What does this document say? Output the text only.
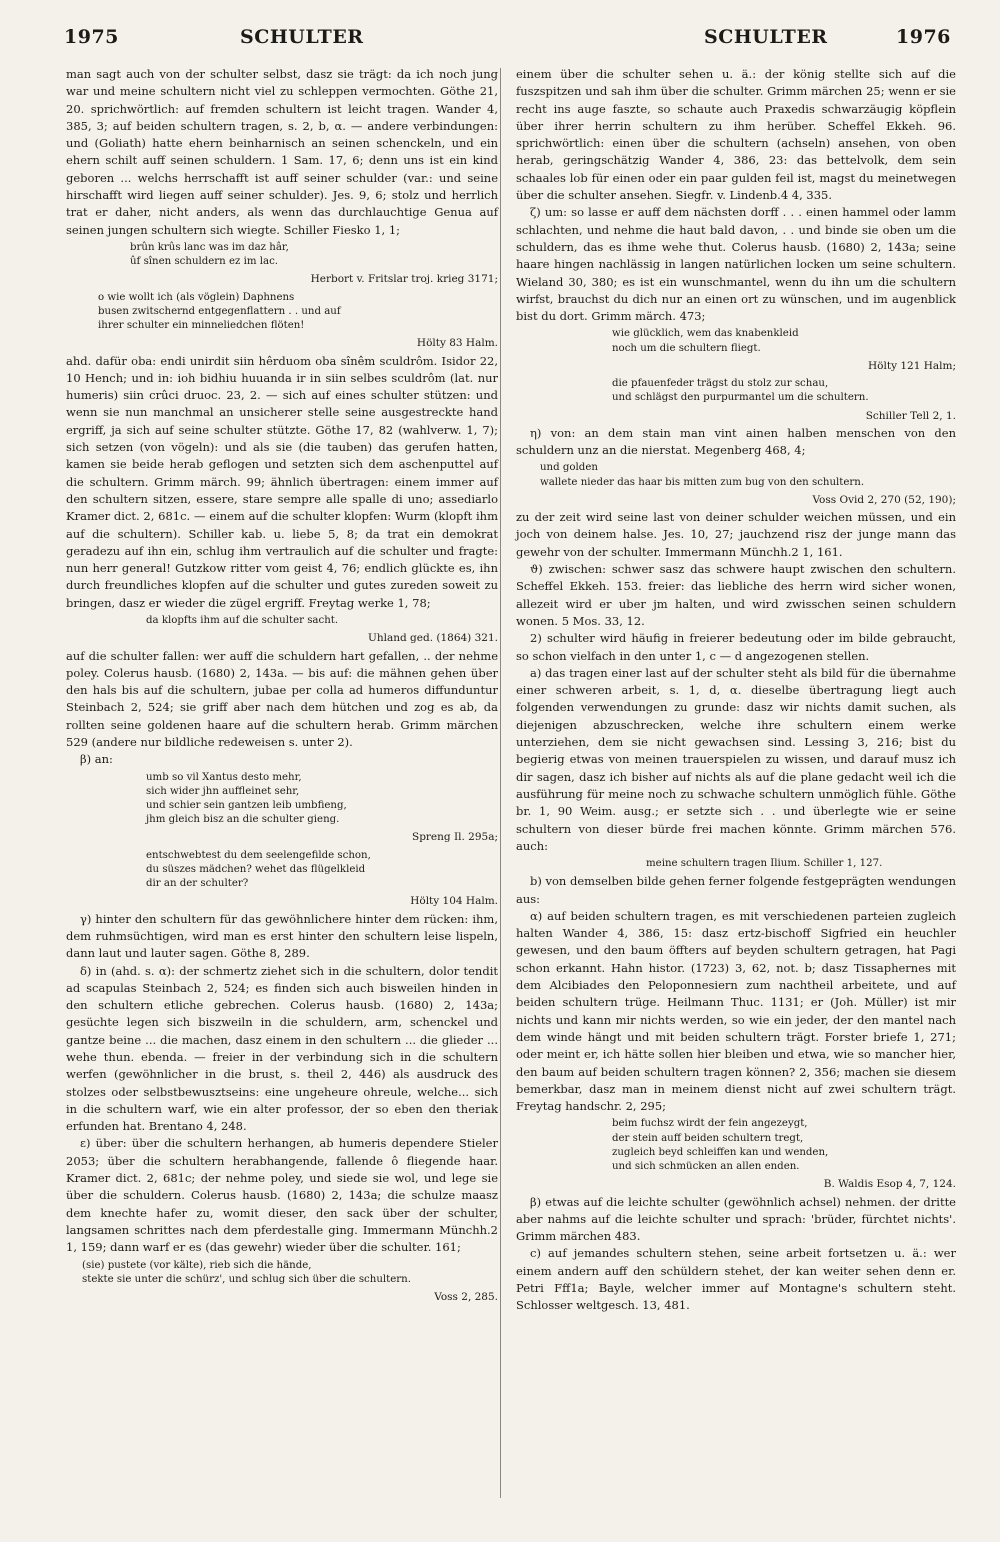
1975	SCHULTER	SCHULTER	1976

man sagt auch von der schulter selbst, dasz sie trägt: da ich noch jung war und meine schultern nicht viel zu schleppen vermochten. Göthe 21, 20. sprichwörtlich: auf fremden schultern ist leicht tragen. Wander 4, 385, 3; auf beiden schultern tragen, s. 2, b, α. — andere verbindungen: und (Goliath) hatte ehern beinharnisch an seinen schenckeln, und ein ehern schilt auff seinen schuldern. 1 Sam. 17, 6; denn uns ist ein kind geboren ... welchs herrschafft ist auff seiner schulder (var.: und seine hirschafft wird liegen auff seiner schulder). Jes. 9, 6; stolz und herrlich trat er daher, nicht anders, als wenn das durchlauchtige Genua auf seinen jungen schultern sich wiegte. Schiller Fiesko 1, 1;

brûn krûs lanc was im daz hâr,
ûf sînen schuldern ez im lac.

Herbort v. Fritslar troj. krieg 3171;

o wie wollt ich (als vöglein) Daphnens
busen zwitschernd entgegenflattern . . und auf
ihrer schulter ein minneliedchen flöten!

Hölty 83 Halm.

ahd. dafür oba: endi unirdit siin hêrduom oba sînêm sculdrôm. Isidor 22, 10 Hench; und in: ioh bidhiu huuanda ir in siin selbes sculdrôm (lat. nur humeris) siin crûci druoc. 23, 2. — sich auf eines schulter stützen: und wenn sie nun manchmal an unsicherer stelle seine ausgestreckte hand ergriff, ja sich auf seine schulter stützte. Göthe 17, 82 (wahlverw. 1, 7); sich setzen (von vögeln): und als sie (die tauben) das gerufen hatten, kamen sie beide herab geflogen und setzten sich dem aschenputtel auf die schultern. Grimm märch. 99; ähnlich übertragen: einem immer auf den schultern sitzen, essere, stare sempre alle spalle di uno; assediarlo Kramer dict. 2, 681c. — einem auf die schulter klopfen: Wurm (klopft ihm auf die schultern). Schiller kab. u. liebe 5, 8; da trat ein demokrat geradezu auf ihn ein, schlug ihm vertraulich auf die schulter und fragte: nun herr general! Gutzkow ritter vom geist 4, 76; endlich glückte es, ihn durch freundliches klopfen auf die schulter und gutes zureden soweit zu bringen, dasz er wieder die zügel ergriff. Freytag werke 1, 78;

da klopfts ihm auf die schulter sacht.

Uhland ged. (1864) 321.

auf die schulter fallen: wer auff die schuldern hart gefallen, .. der nehme poley. Colerus hausb. (1680) 2, 143a. — bis auf: die mähnen gehen über den hals bis auf die schultern, jubae per colla ad humeros diffunduntur Steinbach 2, 524; sie griff aber nach dem hütchen und zog es ab, da rollten seine goldenen haare auf die schultern herab. Grimm märchen 529 (andere nur bildliche redeweisen s. unter 2).

β) an:

umb so vil Xantus desto mehr,
sich wider jhn auffleinet sehr,
und schier sein gantzen leib umbfieng,
jhm gleich bisz an die schulter gieng.

Spreng Il. 295a;

entschwebtest du dem seelengefilde schon,
du süszes mädchen? wehet das flügelkleid
dir an der schulter?

Hölty 104 Halm.

γ) hinter den schultern für das gewöhnlichere hinter dem rücken: ihm, dem ruhmsüchtigen, wird man es erst hinter den schultern leise lispeln, dann laut und lauter sagen. Göthe 8, 289.

δ) in (ahd. s. α): der schmertz ziehet sich in die schultern, dolor tendit ad scapulas Steinbach 2, 524; es finden sich auch bisweilen hinden in den schultern etliche gebrechen. Colerus hausb. (1680) 2, 143a; gesüchte legen sich biszweiln in die schuldern, arm, schenckel und gantze beine ... die machen, dasz einem in den schultern ... die glieder ... wehe thun. ebenda. — freier in der verbindung sich in die schultern werfen (gewöhnlicher in die brust, s. theil 2, 446) als ausdruck des stolzes oder selbstbewusztseins: eine ungeheure ohreule, welche... sich in die schultern warf, wie ein alter professor, der so eben den theriak erfunden hat. Brentano 4, 248.

ε) über: über die schultern herhangen, ab humeris dependere Stieler 2053; über die schultern herabhangende, fallende ô fliegende haar. Kramer dict. 2, 681c; der nehme poley, und siede sie wol, und lege sie über die schuldern. Colerus hausb. (1680) 2, 143a; die schulze maasz dem knechte hafer zu, womit dieser, den sack über der schulter, langsamen schrittes nach dem pferdestalle ging. Immermann Münchh.2 1, 159; dann warf er es (das gewehr) wieder über die schulter. 161;

(sie) pustete (vor kälte), rieb sich die hände,
stekte sie unter die schürz', und schlug sich über die schultern.

Voss 2, 285.

einem über die schulter sehen u. ä.: der könig stellte sich auf die fuszspitzen und sah ihm über die schulter. Grimm märchen 25; wenn er sie recht ins auge faszte, so schaute auch Praxedis schwarzäugig köpflein über ihrer herrin schultern zu ihm herüber. Scheffel Ekkeh. 96. sprichwörtlich: einen über die schultern (achseln) ansehen, von oben herab, geringschätzig Wander 4, 386, 23: das bettelvolk, dem sein schaales lob für einen oder ein paar gulden feil ist, magst du meinetwegen über die schulter ansehen. Siegfr. v. Lindenb.4 4, 335.

ζ) um: so lasse er auff dem nächsten dorff . . . einen hammel oder lamm schlachten, und nehme die haut bald davon, . . und binde sie oben um die schuldern, das es ihme wehe thut. Colerus hausb. (1680) 2, 143a; seine haare hingen nachlässig in langen natürlichen locken um seine schultern. Wieland 30, 380; es ist ein wunschmantel, wenn du ihn um die schultern wirfst, brauchst du dich nur an einen ort zu wünschen, und im augenblick bist du dort. Grimm märch. 473;

wie glücklich, wem das knabenkleid
noch um die schultern fliegt.

Hölty 121 Halm;

die pfauenfeder trägst du stolz zur schau,
und schlägst den purpurmantel um die schultern.

Schiller Tell 2, 1.

η) von: an dem stain man vint ainen halben menschen von den schuldern unz an die nierstat. Megenberg 468, 4;

und golden
wallete nieder das haar bis mitten zum bug von den schultern.

Voss Ovid 2, 270 (52, 190);

zu der zeit wird seine last von deiner schulder weichen müssen, und ein joch von deinem halse. Jes. 10, 27; jauchzend risz der junge mann das gewehr von der schulter. Immermann Münchh.2 1, 161.

ϑ) zwischen: schwer sasz das schwere haupt zwischen den schultern. Scheffel Ekkeh. 153. freier: das liebliche des herrn wird sicher wonen, allezeit wird er uber jm halten, und wird zwisschen seinen schuldern wonen. 5 Mos. 33, 12.

2) schulter wird häufig in freierer bedeutung oder im bilde gebraucht, so schon vielfach in den unter 1, c — d angezogenen stellen.

a) das tragen einer last auf der schulter steht als bild für die übernahme einer schweren arbeit, s. 1, d, α. dieselbe übertragung liegt auch folgenden verwendungen zu grunde: dasz wir nichts damit suchen, als diejenigen abzuschrecken, welche ihre schultern einem werke unterziehen, dem sie nicht gewachsen sind. Lessing 3, 216; bist du begierig etwas von meinen trauerspielen zu wissen, und darauf musz ich dir sagen, dasz ich bisher auf nichts als auf die plane gedacht weil ich die ausführung für meine noch zu schwache schultern unmöglich fühle. Göthe br. 1, 90 Weim. ausg.; er setzte sich . . und überlegte wie er seine schultern von dieser bürde frei machen könnte. Grimm märchen 576. auch:

meine schultern tragen Ilium. Schiller 1, 127.

b) von demselben bilde gehen ferner folgende festgeprägten wendungen aus:

α) auf beiden schultern tragen, es mit verschiedenen parteien zugleich halten Wander 4, 386, 15: dasz ertz-bischoff Sigfried ein heuchler gewesen, und den baum öffters auf beyden schultern getragen, hat Pagi schon erkannt. Hahn histor. (1723) 3, 62, not. b; dasz Tissaphernes mit dem Alcibiades den Peloponnesiern zum nachtheil arbeitete, und auf beiden schultern trüge. Heilmann Thuc. 1131; er (Joh. Müller) ist mir nichts und kann mir nichts werden, so wie ein jeder, der den mantel nach dem winde hängt und mit beiden schultern trägt. Forster briefe 1, 271; oder meint er, ich hätte sollen hier bleiben und etwa, wie so mancher hier, den baum auf beiden schultern tragen können? 2, 356; machen sie diesem bemerkbar, dasz man in meinem dienst nicht auf zwei schultern trägt. Freytag handschr. 2, 295;

beim fuchsz wirdt der fein angezeygt,
der stein auff beiden schultern tregt,
zugleich beyd schleiffen kan und wenden,
und sich schmücken an allen enden.

B. Waldis Esop 4, 7, 124.

β) etwas auf die leichte schulter (gewöhnlich achsel) nehmen. der dritte aber nahms auf die leichte schulter und sprach: 'brüder, fürchtet nichts'. Grimm märchen 483.

c) auf jemandes schultern stehen, seine arbeit fortsetzen u. ä.: wer einem andern auff den schüldern stehet, der kan weiter sehen denn er. Petri Fff1a; Bayle, welcher immer auf Montagne's schultern steht. Schlosser weltgesch. 13, 481.
